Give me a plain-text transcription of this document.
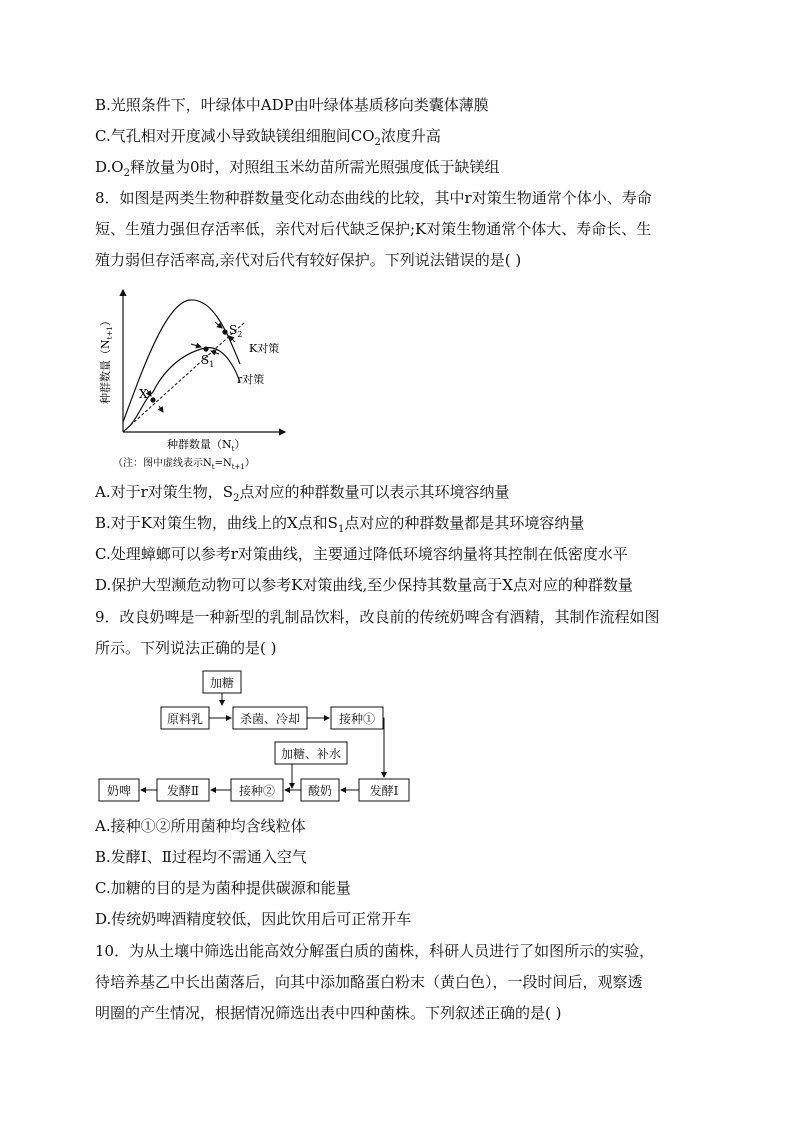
B.光照条件下，叶绿体中ADP由叶绿体基质移向类囊体薄膜
C.气孔相对开度减小导致缺镁组细胞间$CO_2$浓度升高
$D.O_2$释放量为0时，对照组玉米幼苗所需光照强度低于缺镁组
8．如图是两类生物种群数量变化动态曲线的比较，其中r对策生物通常个体小、寿命
短、生殖力强但存活率低，亲代对后代缺乏保护;K对策生物通常个体大、寿命长、生
殖力弱但存活率高,亲代对后代有较好保护。下列说法错误的是( )
种群数量$(N_{t+1})$
X
$S_2$
$S_1$
K对策
r对策
种群数量$(N_t)$
（注：图中虚线表示$N_t=N_{t+1}$）
A.对于r对策生物，$S_2$点对应的种群数量可以表示其环境容纳量
B.对于K对策生物，曲线上的X点和$S_1$点对应的种群数量都是其环境容纳量
C.处理蟑螂可以参考r对策曲线，主要通过降低环境容纳量将其控制在低密度水平
D.保护大型濒危动物可以参考K对策曲线,至少保持其数量高于X点对应的种群数量
9．改良奶啤是一种新型的乳制品饮料，改良前的传统奶啤含有酒精，其制作流程如图
所示。下列说法正确的是( )
加糖
原料乳	杀菌、冷却	接种①
加糖、补水
发酵Ⅰ
酸奶
接种②
发酵Ⅱ
奶啤
A.接种①②所用菌种均含线粒体
B.发酵Ⅰ、Ⅱ过程均不需通入空气
C.加糖的目的是为菌种提供碳源和能量
D.传统奶啤酒精度较低，因此饮用后可正常开车
10．为从土壤中筛选出能高效分解蛋白质的菌株，科研人员进行了如图所示的实验，
待培养基乙中长出菌落后，向其中添加酪蛋白粉末（黄白色），一段时间后，观察透
明圈的产生情况，根据情况筛选出表中四种菌株。下列叙述正确的是( )
